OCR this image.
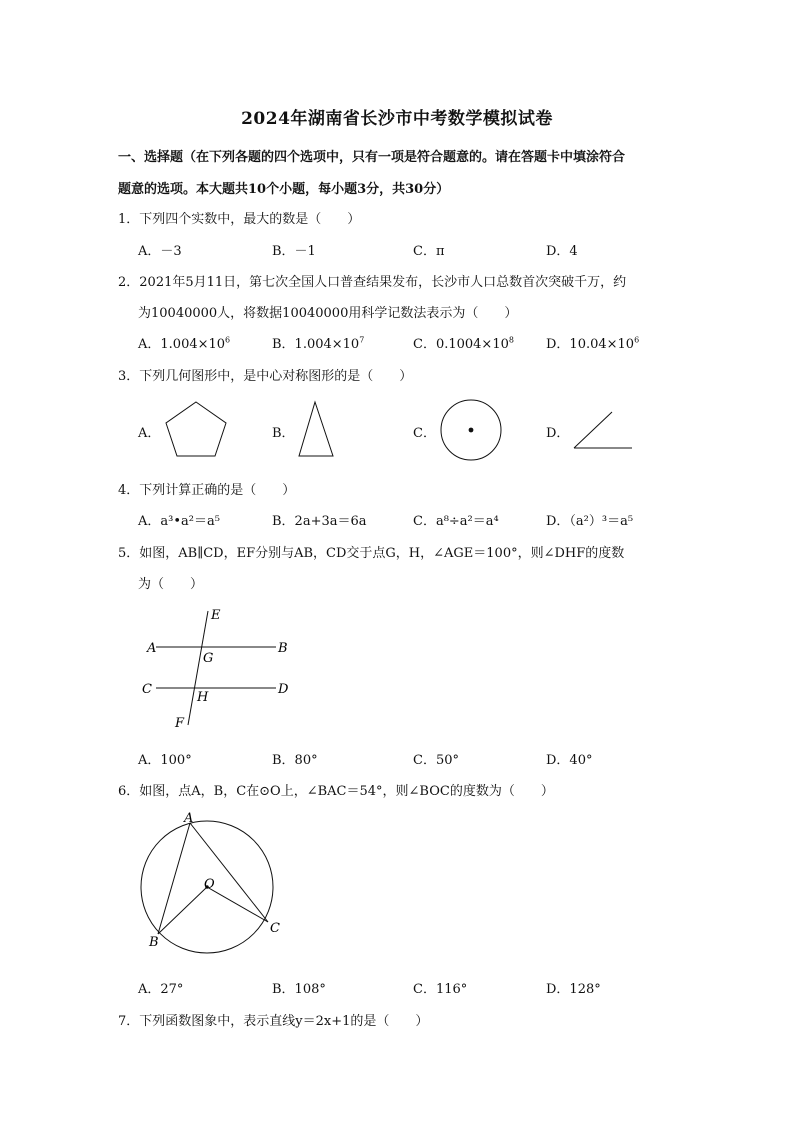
2024年湖南省长沙市中考数学模拟试卷
一、选择题（在下列各题的四个选项中，只有一项是符合题意的。请在答题卡中填涂符合
题意的选项。本大题共10个小题，每小题3分，共30分）
1．下列四个实数中，最大的数是（　　）
A．－3	B．－1	C．π	D．4
2．2021年5月11日，第七次全国人口普查结果发布，长沙市人口总数首次突破千万，约
为10040000人，将数据10040000用科学记数法表示为（　　）
A．$1.004\times 10^6$	B．$1.004\times 10^7$	C．$0.1004\times 10^8$ D．$10.04\times 10^6$
3．下列几何图形中，是中心对称图形的是（　　）
A．	B．	C．	D．
4．下列计算正确的是（　　）
A．a³•a²＝a⁵	B．2a+3a＝6a	C．a⁸÷a²＝a⁴	D．（a²）³＝a⁵
5．如图，AB∥CD，EF分别与AB，CD交于点G，H，∠AGE＝100°，则∠DHF的度数
为（　　）
E
A
G
B
C
H
D
F
A．100°	B．80°	C．50°	D．40°
6．如图，点A，B，C在⊙O上，∠BAC＝54°，则∠BOC的度数为（　　）
A
O
B
C
A．27°	B．108°	C．116°	D．128°
7．下列函数图象中，表示直线y＝2x+1的是（　　）
